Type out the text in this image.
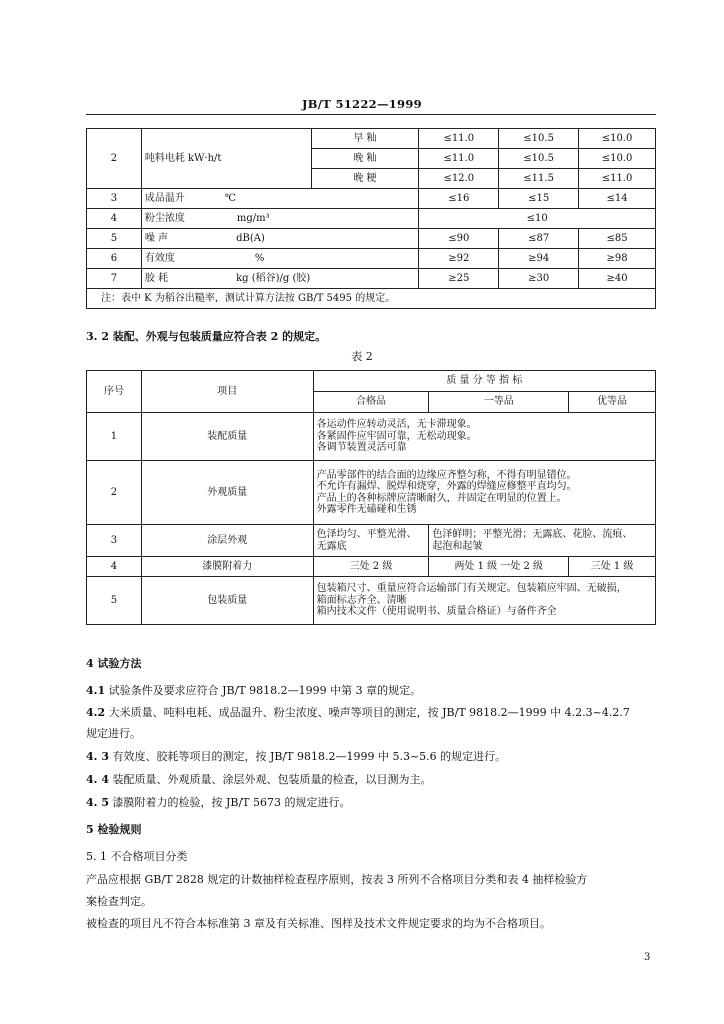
JB/T 51222—1999
2	吨料电耗 kW·h/t	早 籼	≤11.0	≤10.5	≤10.0
		晚 籼	≤11.0	≤10.5	≤10.0
		晚 粳	≤12.0	≤11.5	≤11.0
3	成品温升 ℃		≤16	≤15	≤14
4	粉尘浓度 mg/m³		≤10		
5	噪 声 dB(A)		≤90	≤87	≤85
6	有效度 %		≥92	≥94	≥98
7	胶 耗 kg (稻谷)/g (胶)		≥25	≥30	≥40
注：表中 K 为稻谷出糙率，测试计算方法按 GB/T 5495 的规定。					
3. 2 装配、外观与包装质量应符合表 2 的规定。
表 2
序号	项目	质 量 分 等 指 标		
		合格品	一等品	优等品
1	装配质量	各运动件应转动灵活，无卡滞现象。
各紧固件应牢固可靠，无松动现象。
各调节装置灵活可靠		
2	外观质量	产品零部件的结合面的边缘应齐整匀称，不得有明显错位。
不允许有漏焊、脱焊和烧穿，外露的焊缝应修整平直均匀。
产品上的各种标牌应清晰耐久，并固定在明显的位置上。
外露零件无磕碰和生锈		
3	涂层外观	色泽均匀、平整光滑、
无露底	色泽鲜明；平整光滑；无露底、花脸、流痕、
起泡和起皱	
4	漆膜附着力	三处 2 级	两处 1 级 一处 2 级	三处 1 级
5	包装质量	包装箱尺寸、重量应符合运输部门有关规定。包装箱应牢固、无破损，
箱面标志齐全、清晰
箱内技术文件（使用说明书、质量合格证）与备件齐全		
4 试验方法
4.1 试验条件及要求应符合 JB/T 9818.2—1999 中第 3 章的规定。
4.2 大米质量、吨料电耗、成品温升、粉尘浓度、噪声等项目的测定，按 JB/T 9818.2—1999 中 4.2.3~4.2.7
规定进行。
4. 3 有效度、胶耗等项目的测定，按 JB/T 9818.2—1999 中 5.3~5.6 的规定进行。
4. 4 装配质量、外观质量、涂层外观、包装质量的检查，以目测为主。
4. 5 漆膜附着力的检验，按 JB/T 5673 的规定进行。
5 检验规则
5. 1 不合格项目分类
产品应根据 GB/T 2828 规定的计数抽样检查程序原则，按表 3 所列不合格项目分类和表 4 抽样检验方
案检查判定。
被检查的项目凡不符合本标准第 3 章及有关标准、图样及技术文件规定要求的均为不合格项目。
3
